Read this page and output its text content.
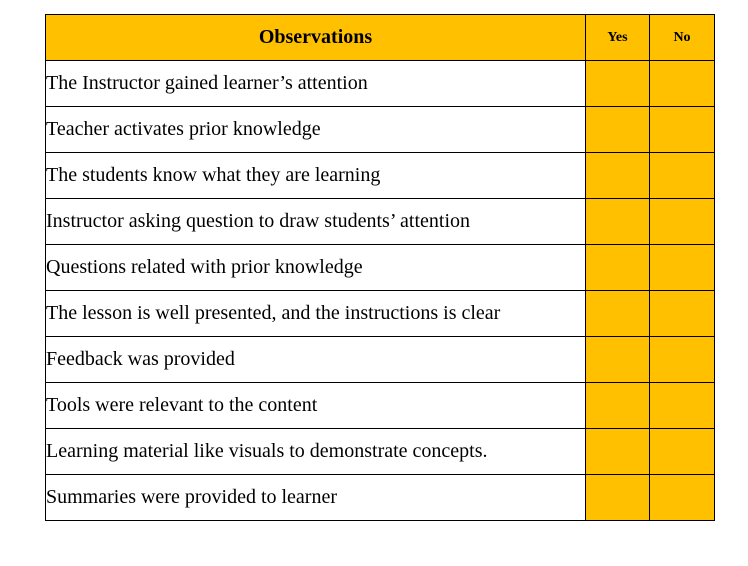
Observations	Yes	No
The Instructor gained learner’s attention		
Teacher activates prior knowledge		
The students know what they are learning		
Instructor asking question to draw students’ attention		
Questions related with prior knowledge		
The lesson is well presented, and the instructions is clear		
Feedback was provided		
Tools were relevant to the content		
Learning material like visuals to demonstrate concepts.		
Summaries were provided to learner		
